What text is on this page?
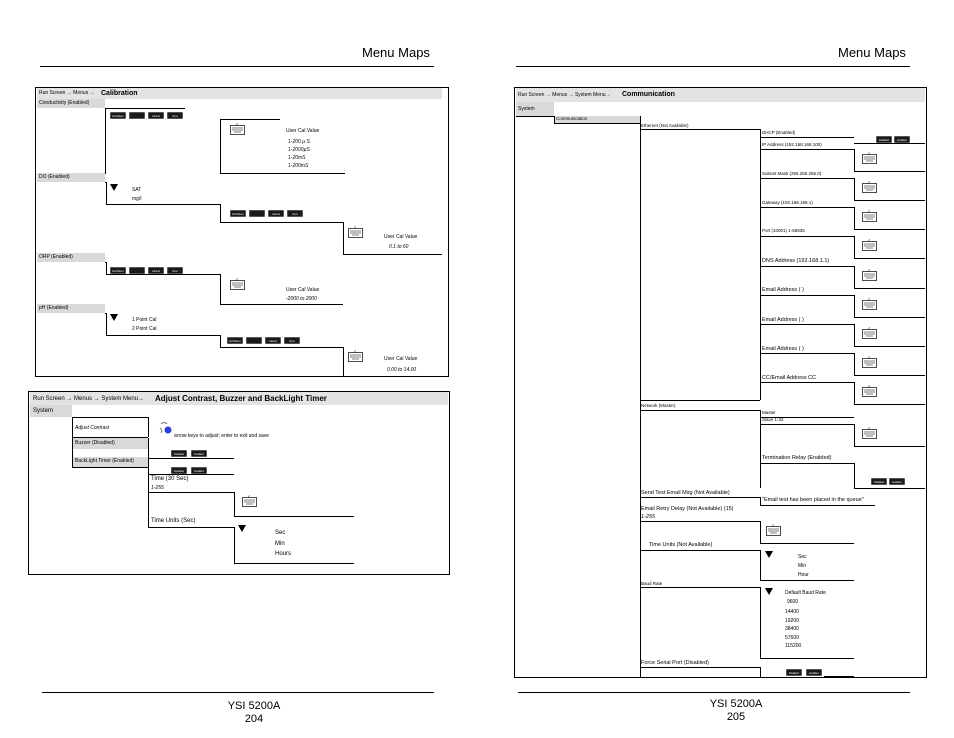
Menu Maps
Run Screen → Menus → Calibration
Conductivity (Enabled)
Exit Menu	Cancel	Next
User Cal Value
1-200 µ S
1-2000µS
1-20mS
1-200mS
DO (Enabled)
SAT
mg/l
Exit Menu	Cancel	Next
User Cal Value
0.1 to 60
ORP (Enabled)
Exit Menu	Cancel	Next
User Cal Value
-2000 to 2000
pH (Enabled)
1 Point Cal
2 Point Cal
Exit Menu	Cancel	Next
User Cal Value
0.00 to 14.00
Run Screen → Menus → System Menu→ Adjust Contrast, Buzzer and BackLight Timer
System
Adjust Contrast
arrow keys to adjust; enter to exit and save
Buzzer (Disabled)
Disabled	Enabled
BackLight Timer (Enabled)
Disabled	Enabled
Time (30 Sec)
1-255
Time Units (Sec)
Sec
Min
Hours
YSI 5200A
204
Menu Maps
Run Screen → Menus → System Menu→ Communication
System
Communication
Ethernet (Not Available)
DHCP (Enabled)
Disabled	Enabled
IP Address (192.168.168.100)
Subnet Mask (255.255.255.0)
Gateway (192.168.168.1)
Port (10001) 1-65535
DNS Address (192.168.1.1)
Email Address ( )
Email Address ( )
Email Address ( )
CC/Email Address CC
Network (Master)
Master
Slave 1-32
Termination Relay (Enabled)
Disabled	Enabled
Send Test Email Msg (Not Available)
"Email test has been placed in the queue"
Email Retry Delay (Not Available) (15)
1-255
Time Units (Not Available)
Sec
Min
Hour
Baud Rate
Default Baud Rate
9600
14400
19200
38400
57600
115200
Force Serial Port (Disabled)
Disabled	Enabled
YSI 5200A
205
